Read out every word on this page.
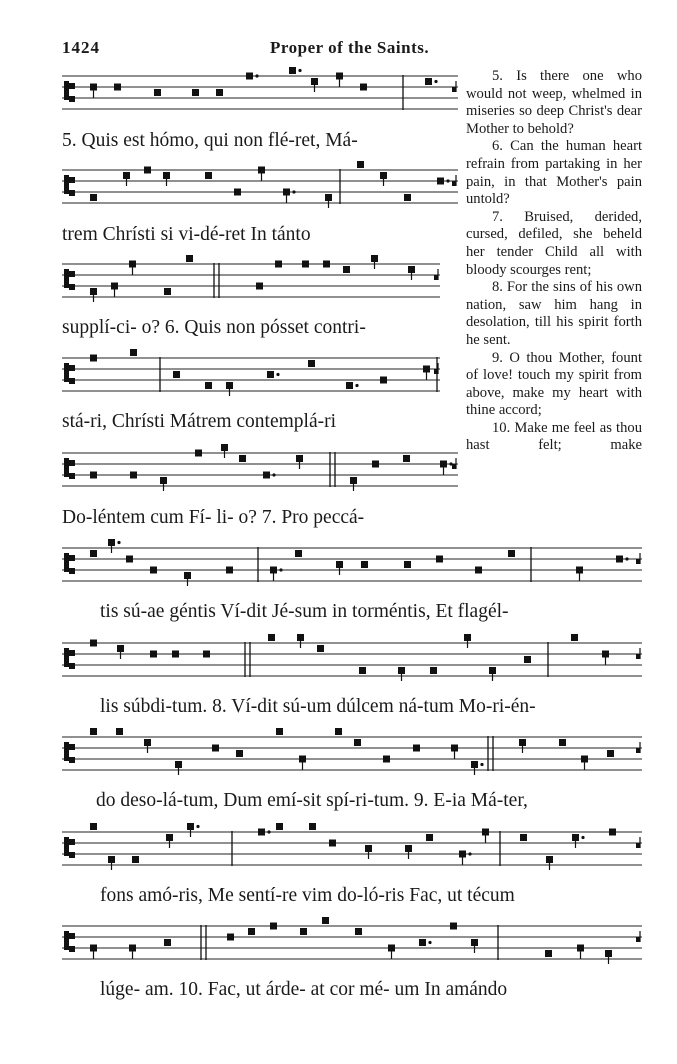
1424	Proper of the Saints.
5. Quis est hómo, qui non flé-ret, Má-
trem Chrísti si vi-dé-ret In tánto
supplí-ci- o? 6. Quis non pósset contri-
stá-ri, Chrísti Mátrem contemplá-ri
Do-léntem cum Fí- li- o? 7. Pro peccá-
tis sú-ae géntis Ví-dit Jé-sum in torméntis, Et flagél-
lis súbdi-tum. 8. Ví-dit sú-um dúlcem ná-tum Mo-ri-én-
do deso-lá-tum, Dum emí-sit spí-ri-tum. 9. E-ia Má-ter,
fons amó-ris, Me sentí-re vim do-ló-ris Fac, ut técum
lúge- am. 10. Fac, ut árde- at cor mé- um In amándo

5. Is there one who would not weep, whelmed in miseries so deep Christ's dear Mother to behold?

6. Can the human heart refrain from partaking in her pain, in that Mother's pain untold?

7. Bruised, derided, cursed, defiled, she beheld her tender Child all with bloody scourges rent;

8. For the sins of his own nation, saw him hang in desolation, till his spirit forth he sent.

9. O thou Mother, fount of love! touch my spirit from above, make my heart with thine accord;

10. Make me feel as thou hast felt; make
